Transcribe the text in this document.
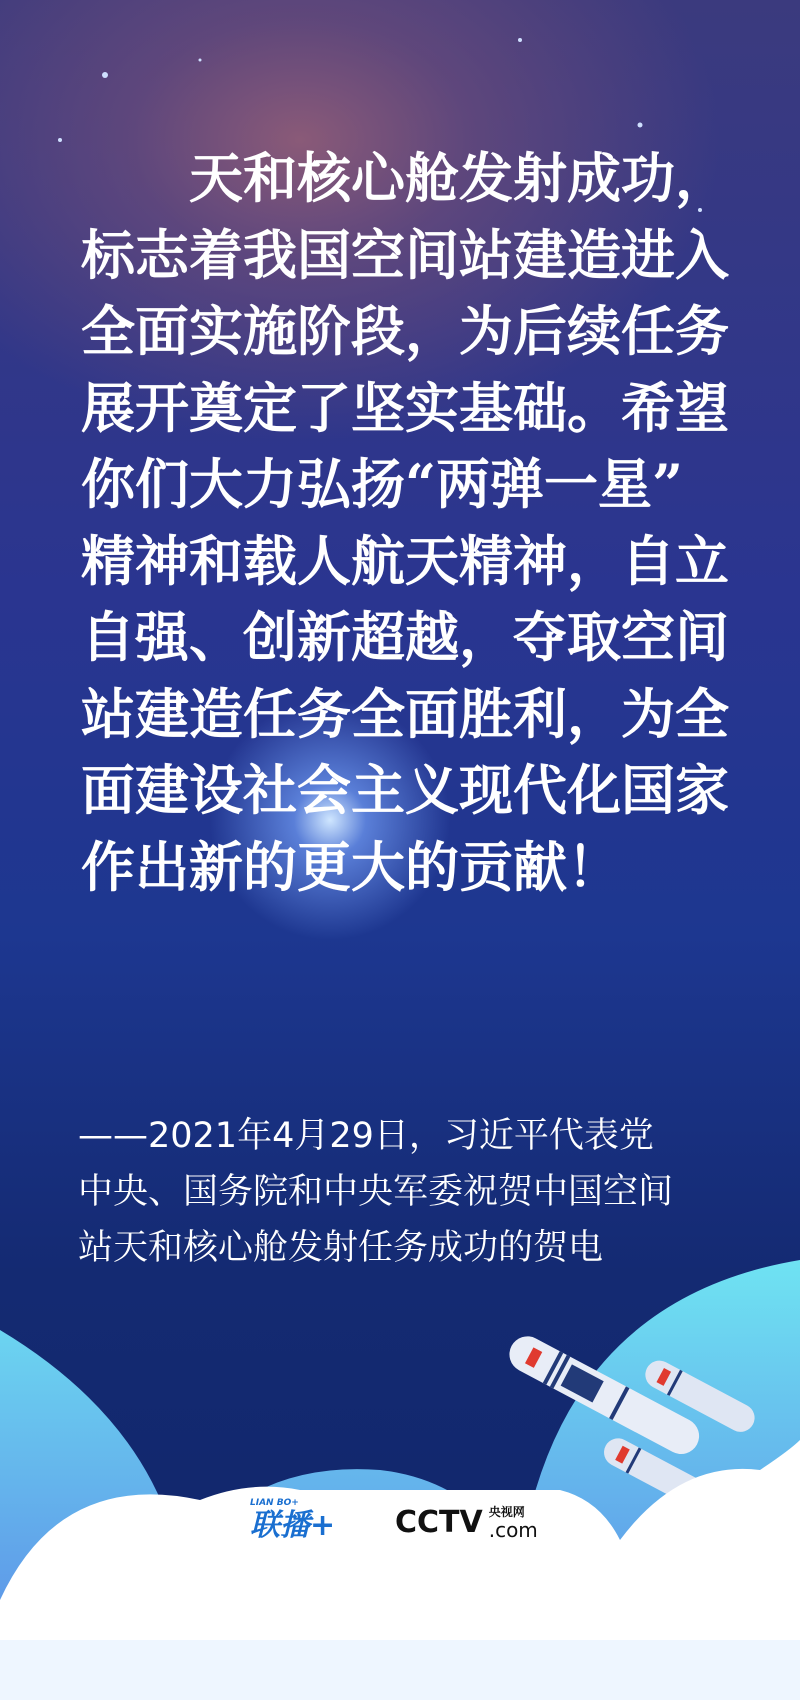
　　天和核心舱发射成功，

标志着我国空间站建造进入

全面实施阶段，为后续任务

展开奠定了坚实基础。希望

你们大力弘扬“两弹一星”

精神和载人航天精神，自立

自强、创新超越，夺取空间

站建造任务全面胜利，为全

面建设社会主义现代化国家

作出新的更大的贡献！

——2021年4月29日，习近平代表党

中央、国务院和中央军委祝贺中国空间

站天和核心舱发射任务成功的贺电

LIAN BO+
联播+ CCTV 央视网
.com
